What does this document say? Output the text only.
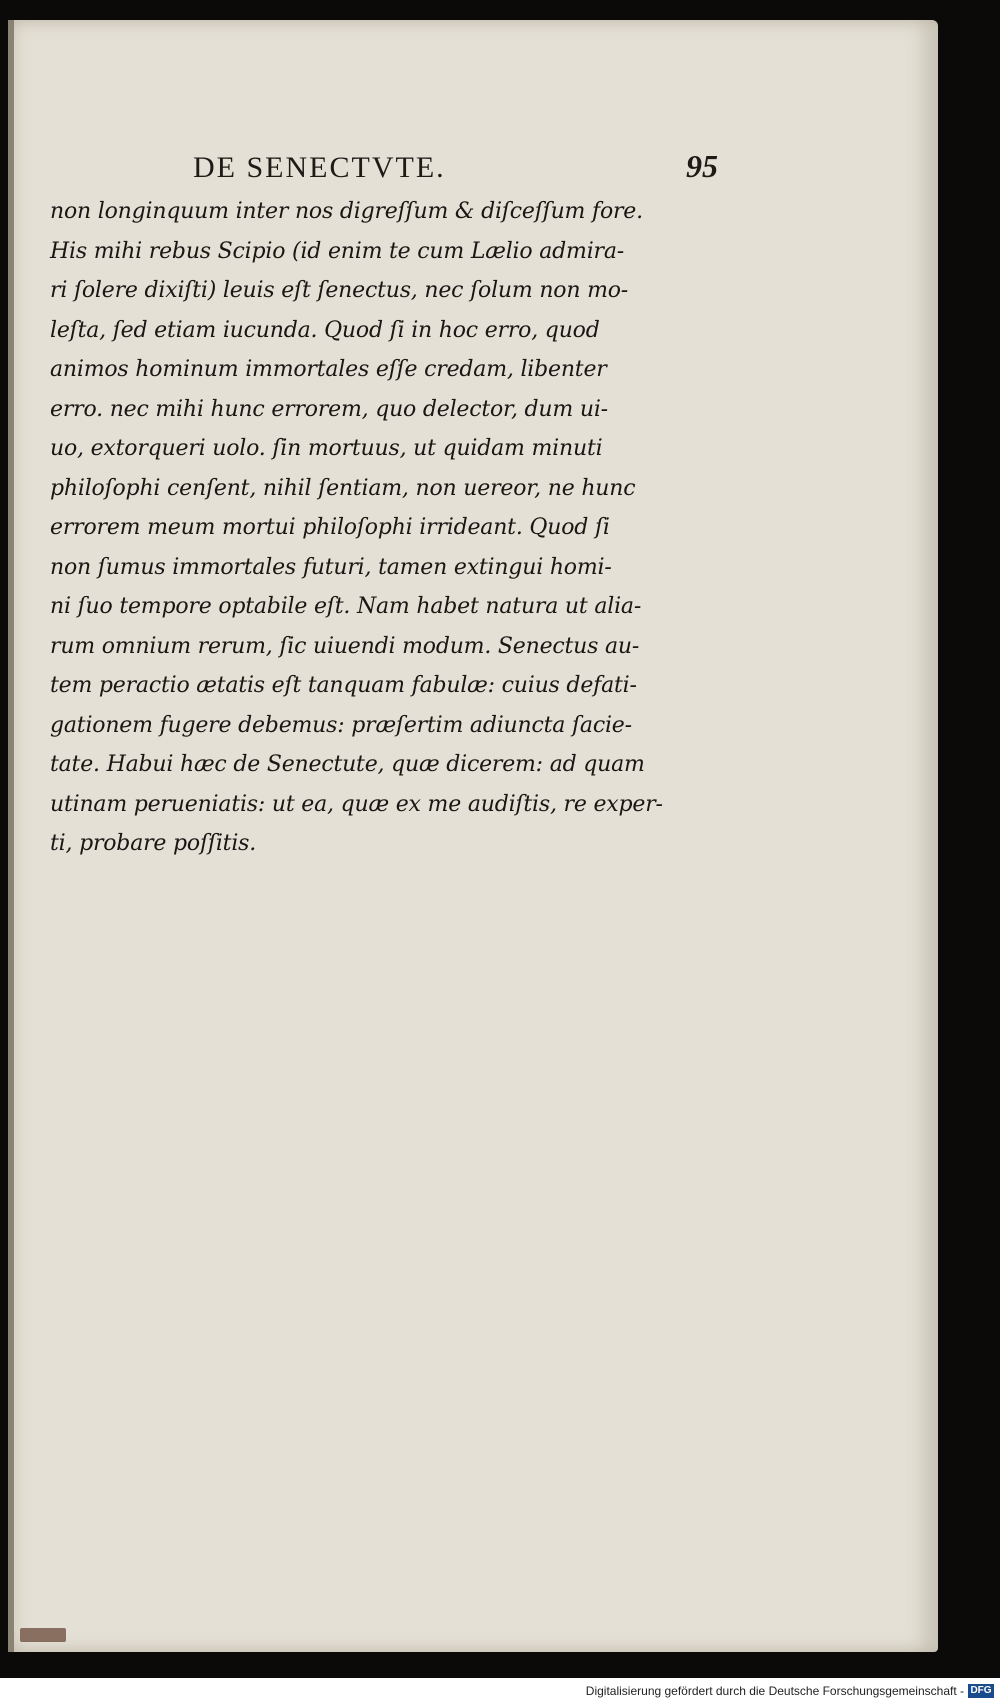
DE SENECTVTE.	95
non longinquum inter nos digreſſum & diſceſſum fore.
His mihi rebus Scipio (id enim te cum Lælio admira-
ri ſolere dixiſti) leuis eſt ſenectus, nec ſolum non mo-
leſta, ſed etiam iucunda. Quod ſi in hoc erro, quod
animos hominum immortales eſſe credam, libenter
erro. nec mihi hunc errorem, quo delector, dum ui-
uo, extorqueri uolo. ſin mortuus, ut quidam minuti
philoſophi cenſent, nihil ſentiam, non uereor, ne hunc
errorem meum mortui philoſophi irrideant. Quod ſi
non ſumus immortales futuri, tamen extingui homi-
ni ſuo tempore optabile eſt. Nam habet natura ut alia-
rum omnium rerum, ſic uiuendi modum. Senectus au-
tem peractio ætatis eſt tanquam fabulæ: cuius defati-
gationem fugere debemus: præſertim adiuncta ſacie-
tate. Habui hæc de Senectute, quæ dicerem: ad quam
utinam perueniatis: ut ea, quæ ex me audiſtis, re exper-
ti, probare poſſitis.
Digitalisierung gefördert durch die Deutsche Forschungsgemeinschaft - DFG
